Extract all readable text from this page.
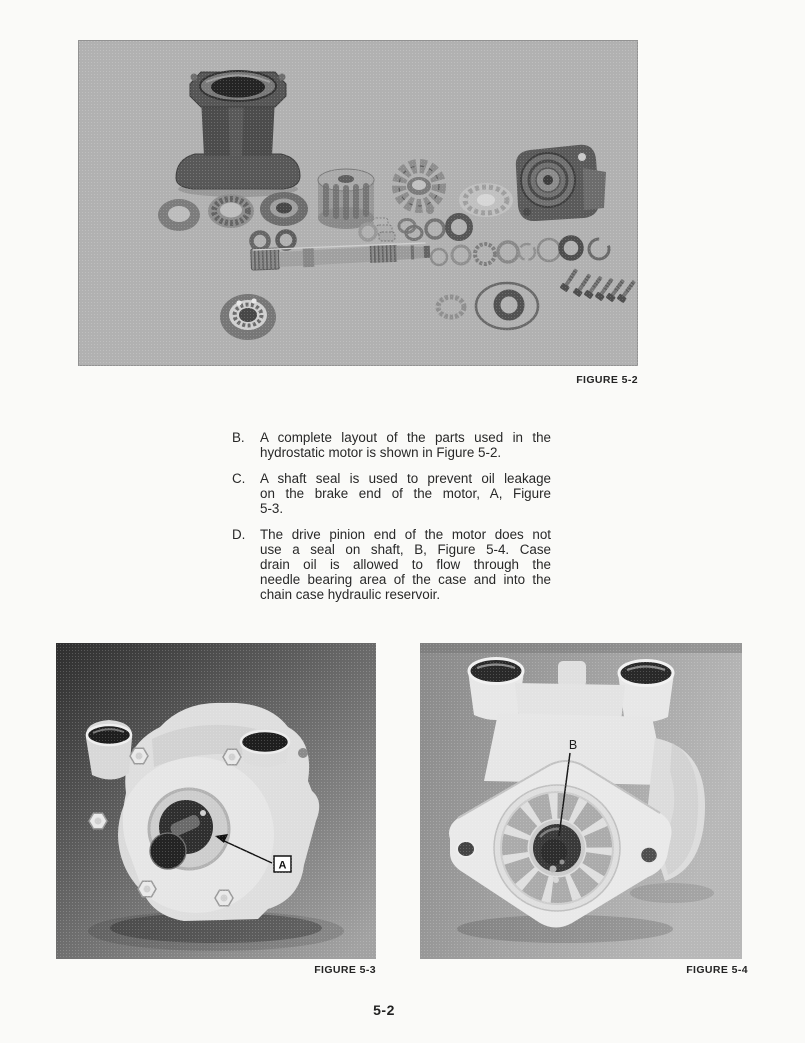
FIGURE 5-2
B. A complete layout of the parts used in the
hydrostatic motor is shown in Figure 5-2.
C. A shaft seal is used to prevent oil leakage
on the brake end of the motor, A, Figure
5-3.
D. The drive pinion end of the motor does not
use a seal on shaft, B, Figure 5-4. Case
drain oil is allowed to flow through the
needle bearing area of the case and into the
chain case hydraulic reservoir.
A
FIGURE 5-3
B
FIGURE 5-4
5-2
